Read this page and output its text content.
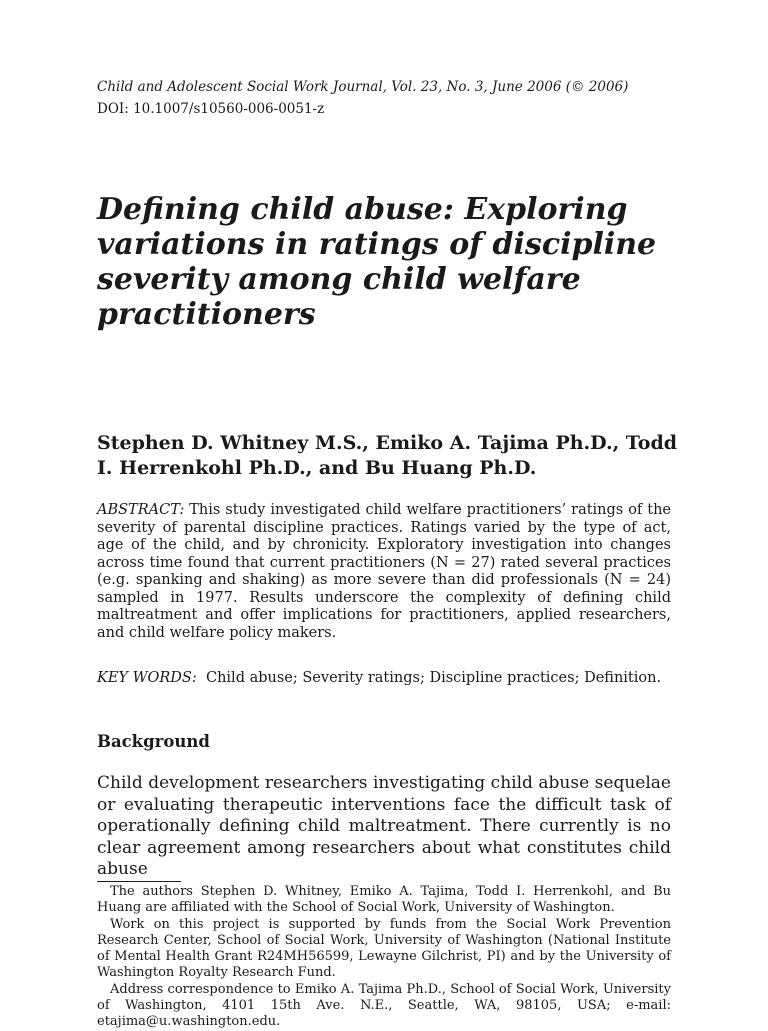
Child and Adolescent Social Work Journal, Vol. 23, No. 3, June 2006 (© 2006)
DOI: 10.1007/s10560-006-0051-z
Defining child abuse: Exploring variations in ratings of discipline severity among child welfare practitioners
Stephen D. Whitney M.S., Emiko A. Tajima Ph.D., Todd I. Herrenkohl Ph.D., and Bu Huang Ph.D.

ABSTRACT: This study investigated child welfare practitioners’ ratings of the severity of parental discipline practices. Ratings varied by the type of act, age of the child, and by chronicity. Exploratory investigation into changes across time found that current practitioners (N = 27) rated several practices (e.g. spanking and shaking) as more severe than did professionals (N = 24) sampled in 1977. Results underscore the complexity of defining child maltreatment and offer implications for practitioners, applied researchers, and child welfare policy makers.

KEY WORDS: Child abuse; Severity ratings; Discipline practices; Definition.

Background

Child development researchers investigating child abuse sequelae or evaluating therapeutic interventions face the difficult task of operationally defining child maltreatment. There currently is no clear agreement among researchers about what constitutes child abuse

The authors Stephen D. Whitney, Emiko A. Tajima, Todd I. Herrenkohl, and Bu Huang are affiliated with the School of Social Work, University of Washington.

Work on this project is supported by funds from the Social Work Prevention Research Center, School of Social Work, University of Washington (National Institute of Mental Health Grant R24MH56599, Lewayne Gilchrist, PI) and by the University of Washington Royalty Research Fund.

Address correspondence to Emiko A. Tajima Ph.D., School of Social Work, University of Washington, 4101 15th Ave. N.E., Seattle, WA, 98105, USA; e-mail: etajima@u.washington.edu.
